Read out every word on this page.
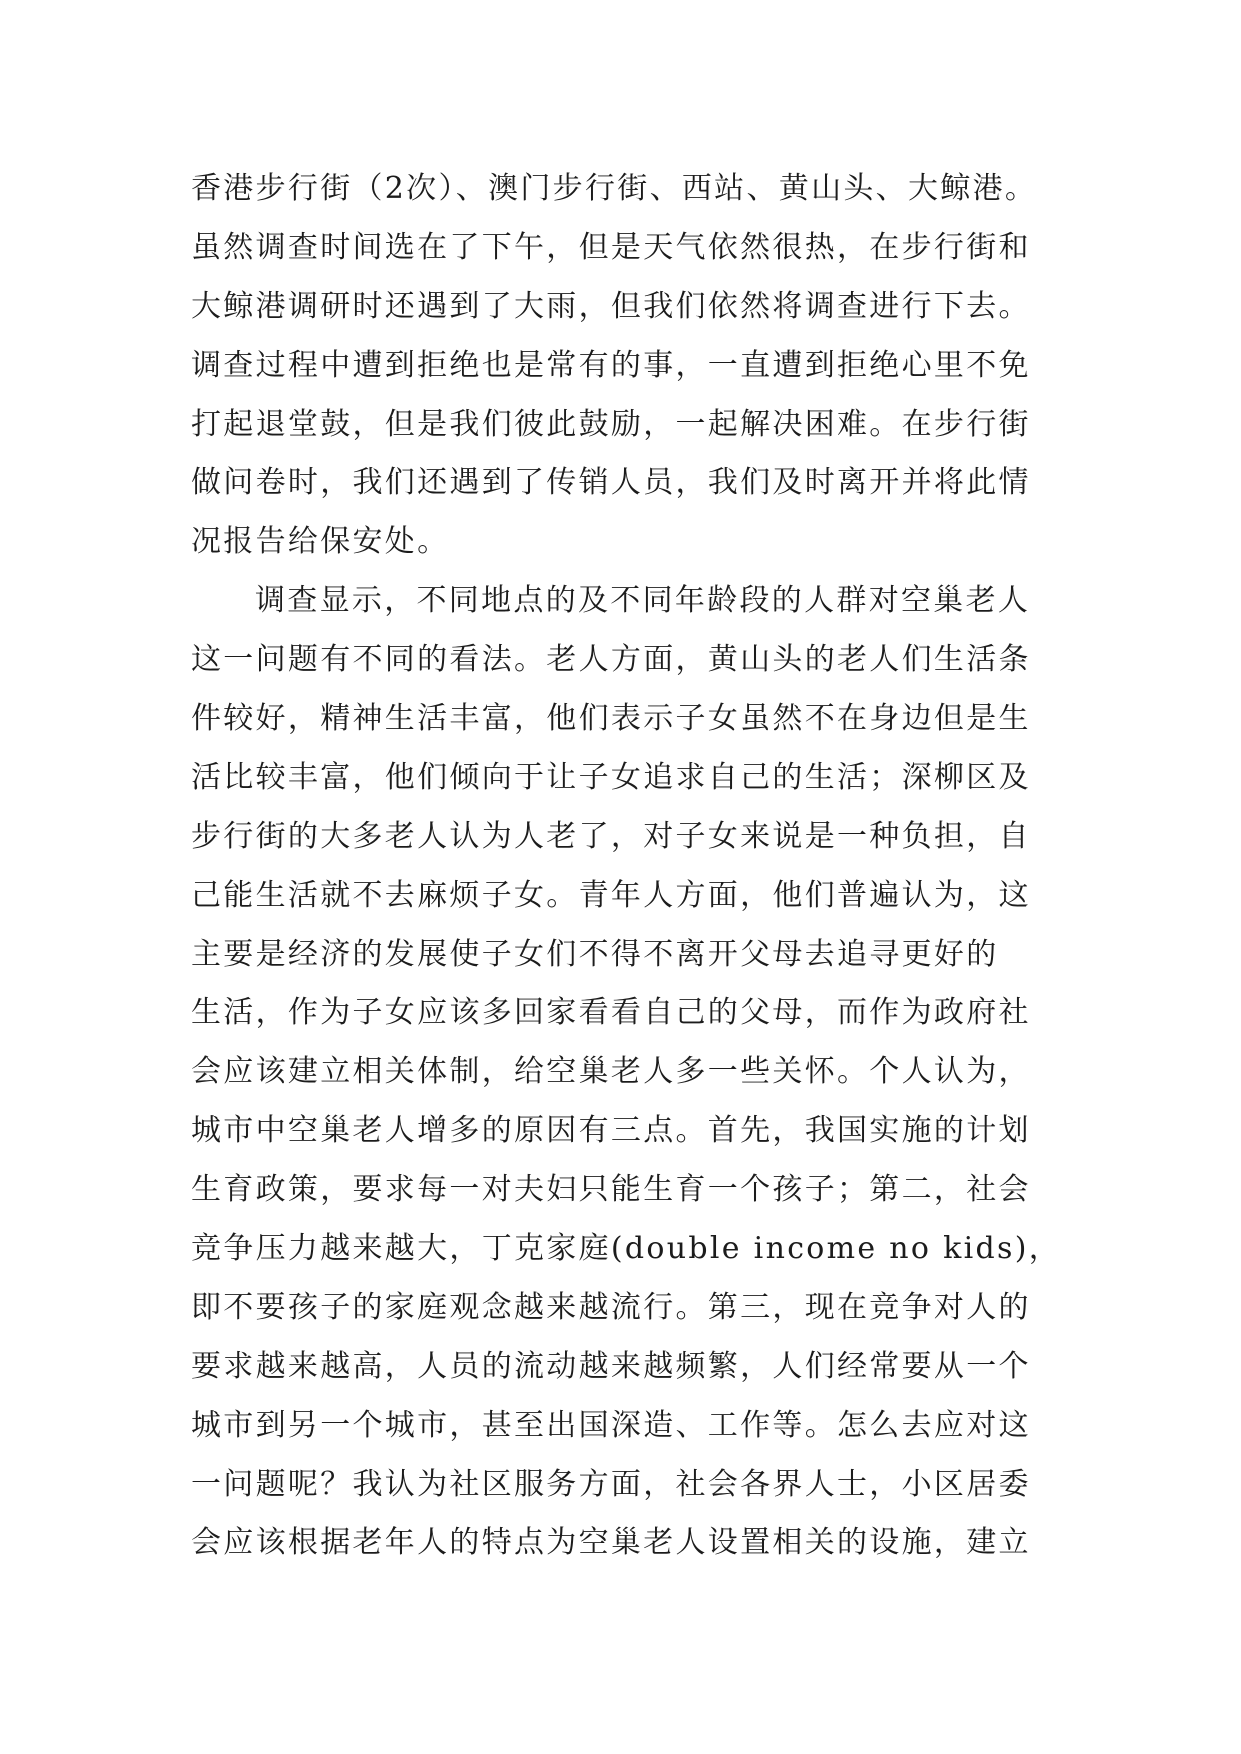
香港步行街（2次）、澳门步行街、西站、黄山头、大鲸港。
虽然调查时间选在了下午，但是天气依然很热，在步行街和
大鲸港调研时还遇到了大雨，但我们依然将调查进行下去。
调查过程中遭到拒绝也是常有的事，一直遭到拒绝心里不免
打起退堂鼓，但是我们彼此鼓励，一起解决困难。在步行街
做问卷时，我们还遇到了传销人员，我们及时离开并将此情
况报告给保安处。
调查显示，不同地点的及不同年龄段的人群对空巢老人
这一问题有不同的看法。老人方面，黄山头的老人们生活条
件较好，精神生活丰富，他们表示子女虽然不在身边但是生
活比较丰富，他们倾向于让子女追求自己的生活；深柳区及
步行街的大多老人认为人老了，对子女来说是一种负担，自
己能生活就不去麻烦子女。青年人方面，他们普遍认为，这
主要是经济的发展使子女们不得不离开父母去追寻更好的
生活，作为子女应该多回家看看自己的父母，而作为政府社
会应该建立相关体制，给空巢老人多一些关怀。个人认为，
城市中空巢老人增多的原因有三点。首先，我国实施的计划
生育政策，要求每一对夫妇只能生育一个孩子；第二，社会
竞争压力越来越大，丁克家庭(double income no kids)，
即不要孩子的家庭观念越来越流行。第三，现在竞争对人的
要求越来越高，人员的流动越来越频繁，人们经常要从一个
城市到另一个城市，甚至出国深造、工作等。怎么去应对这
一问题呢？我认为社区服务方面，社会各界人士，小区居委
会应该根据老年人的特点为空巢老人设置相关的设施，建立
